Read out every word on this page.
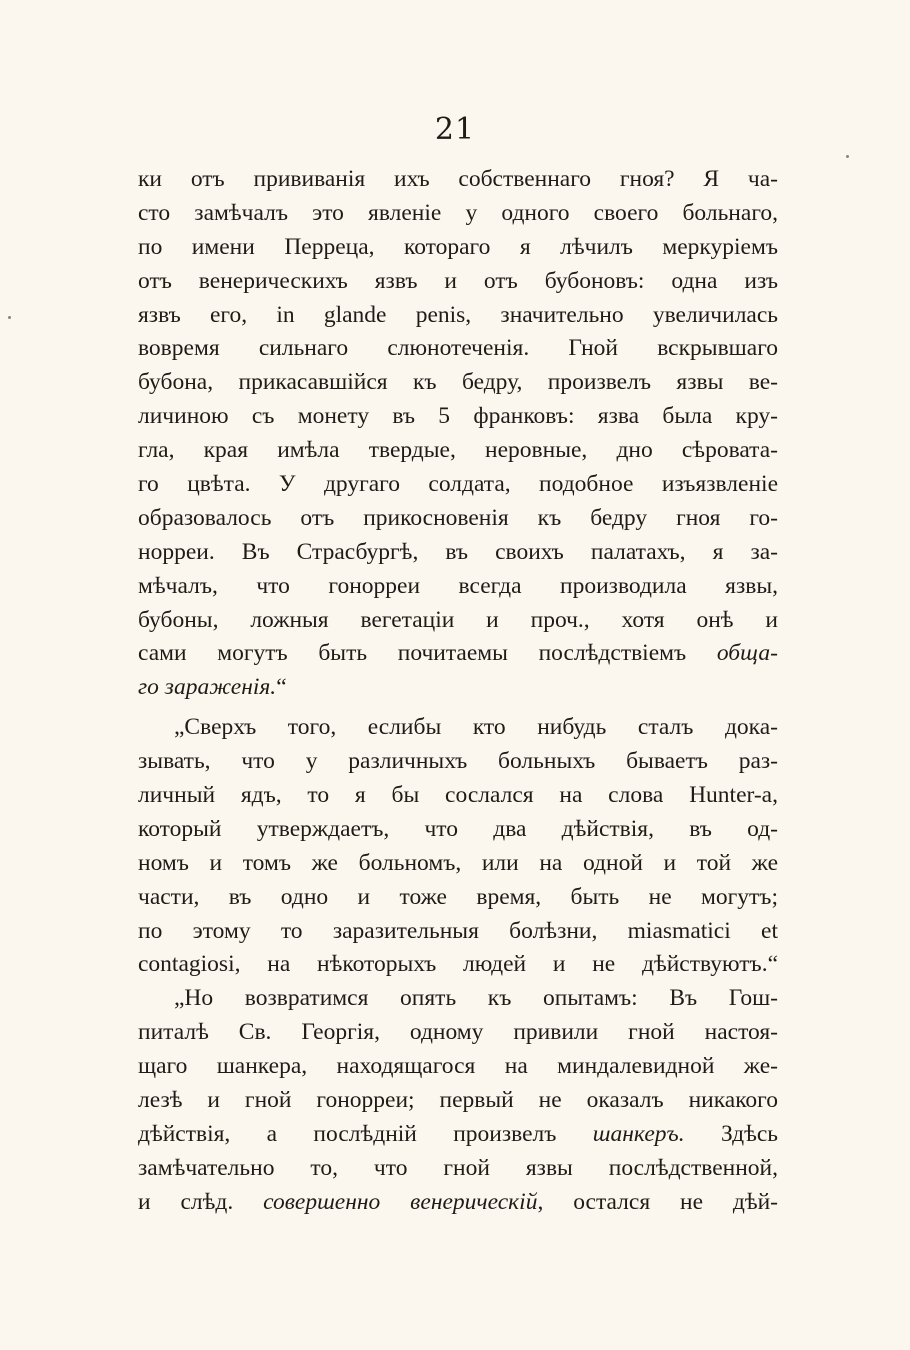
21
ки отъ прививанія ихъ собственнаго гноя? Я ча-
сто замѣчалъ это явленіе у одного своего больнаго,
по имени Перреца, котораго я лѣчилъ меркуріемъ
отъ венерическихъ язвъ и отъ бубоновъ: одна изъ
язвъ его, in glande penis, значительно увеличилась
вовремя сильнаго слюнотеченія. Гной вскрывшаго
бубона, прикасавшійся къ бедру, произвелъ язвы ве-
личиною съ монету въ 5 франковъ: язва была кру-
гла, края имѣла твердые, неровные, дно сѣровата-
го цвѣта. У другаго солдата, подобное изъязвленіе
образовалось отъ прикосновенія къ бедру гноя го-
норреи. Въ Страсбургѣ, въ своихъ палатахъ, я за-
мѣчалъ, что гонорреи всегда производила язвы,
бубоны, ложныя вегетаціи и проч., хотя онѣ и
сами могутъ быть почитаемы послѣдствіемъ обща-
го зараженія.“
„Сверхъ того, еслибы кто нибудь сталъ дока-
зывать, что у различныхъ больныхъ бываетъ раз-
личный ядъ, то я бы сослался на слова Hunter-a,
который утверждаетъ, что два дѣйствія, въ од-
номъ и томъ же больномъ, или на одной и той же
части, въ одно и тоже время, быть не могутъ;
по этому то заразительныя болѣзни, miasmatici et
contagiosi, на нѣкоторыхъ людей и не дѣйствуютъ.“
„Но возвратимся опять къ опытамъ: Въ Гош-
питалѣ Св. Георгія, одному привили гной настоя-
щаго шанкера, находящагося на миндалевидной же-
лезѣ и гной гонорреи; первый не оказалъ никакого
дѣйствія, а послѣдній произвелъ шанкеръ. Здѣсь
замѣчательно то, что гной язвы послѣдственной,
и слѣд. совершенно венерическій, остался не дѣй-
